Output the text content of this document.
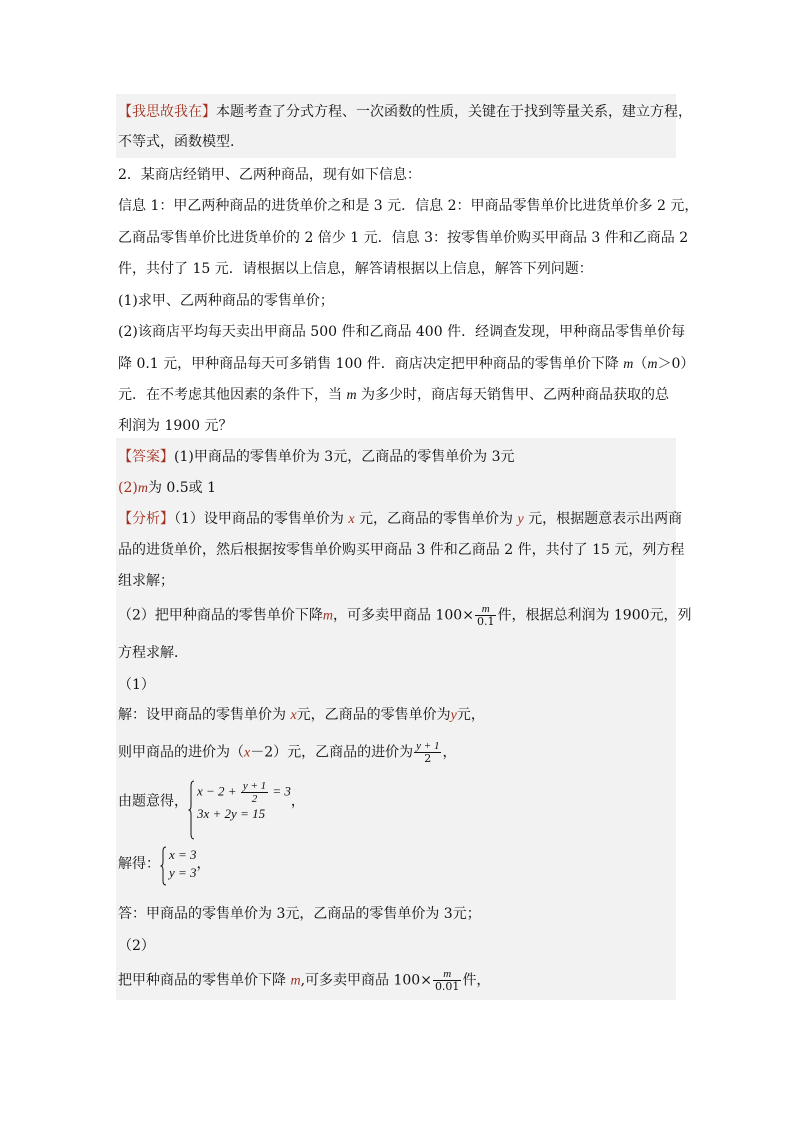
【我思故我在】本题考查了分式方程、一次函数的性质，关键在于找到等量关系，建立方程，
不等式，函数模型.
2．某商店经销甲、乙两种商品，现有如下信息：
信息 1：甲乙两种商品的进货单价之和是 3 元．信息 2：甲商品零售单价比进货单价多 2 元，
乙商品零售单价比进货单价的 2 倍少 1 元．信息 3：按零售单价购买甲商品 3 件和乙商品 2
件，共付了 15 元．请根据以上信息，解答请根据以上信息，解答下列问题：
(1)求甲、乙两种商品的零售单价；
(2)该商店平均每天卖出甲商品 500 件和乙商品 400 件．经调查发现，甲种商品零售单价每
降 0.1 元，甲种商品每天可多销售 100 件．商店决定把甲种商品的零售单价下降 m（m＞0）
元．在不考虑其他因素的条件下，当 m 为多少时，商店每天销售甲、乙两种商品获取的总
利润为 1900 元？
【答案】(1)甲商品的零售单价为 3元，乙商品的零售单价为 3元
(2)m为 0.5或 1
【分析】（1）设甲商品的零售单价为 x 元，乙商品的零售单价为 y 元，根据题意表示出两商
品的进货单价，然后根据按零售单价购买甲商品 3 件和乙商品 2 件，共付了 15 元，列方程
组求解；
（2）把甲种商品的零售单价下降m，可多卖甲商品 $100\times \frac{m}{0.1}$ 件，根据总利润为 1900元，列
方程求解．
（1）
解：设甲商品的零售单价为 x元，乙商品的零售单价为y元，
则甲商品的进价为（x－2）元，乙商品的进价为 $\frac{y + 1}{2}$ ，
由题意得，
$x - 2 + \frac{y + 1}{2} = 3$
3x + 2y = 15
，
解得：
x = 3
y = 3
，
答：甲商品的零售单价为 3元，乙商品的零售单价为 3元；
（2）
把甲种商品的零售单价下降 m,可多卖甲商品 $100\times \frac{m}{0.01}$ 件，
